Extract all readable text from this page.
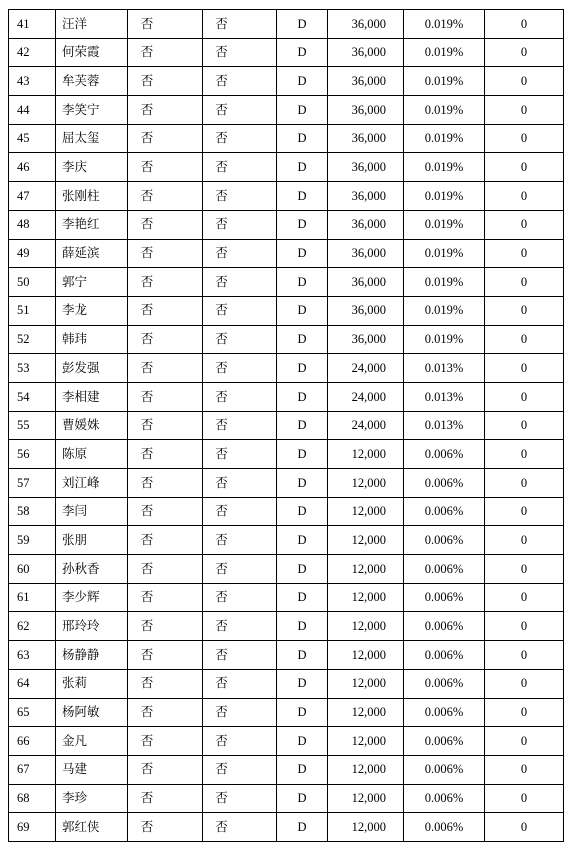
41	汪洋	否	否	D	36,000	0.019%	0
42	何荣霞	否	否	D	36,000	0.019%	0
43	牟芙蓉	否	否	D	36,000	0.019%	0
44	李笑宁	否	否	D	36,000	0.019%	0
45	屈太玺	否	否	D	36,000	0.019%	0
46	李庆	否	否	D	36,000	0.019%	0
47	张刚柱	否	否	D	36,000	0.019%	0
48	李艳红	否	否	D	36,000	0.019%	0
49	薛延滨	否	否	D	36,000	0.019%	0
50	郭宁	否	否	D	36,000	0.019%	0
51	李龙	否	否	D	36,000	0.019%	0
52	韩玮	否	否	D	36,000	0.019%	0
53	彭发强	否	否	D	24,000	0.013%	0
54	李相建	否	否	D	24,000	0.013%	0
55	曹媛姝	否	否	D	24,000	0.013%	0
56	陈原	否	否	D	12,000	0.006%	0
57	刘江峰	否	否	D	12,000	0.006%	0
58	李闫	否	否	D	12,000	0.006%	0
59	张朋	否	否	D	12,000	0.006%	0
60	孙秋香	否	否	D	12,000	0.006%	0
61	李少辉	否	否	D	12,000	0.006%	0
62	邢玲玲	否	否	D	12,000	0.006%	0
63	杨静静	否	否	D	12,000	0.006%	0
64	张莉	否	否	D	12,000	0.006%	0
65	杨阿敏	否	否	D	12,000	0.006%	0
66	金凡	否	否	D	12,000	0.006%	0
67	马建	否	否	D	12,000	0.006%	0
68	李珍	否	否	D	12,000	0.006%	0
69	郭红侠	否	否	D	12,000	0.006%	0
